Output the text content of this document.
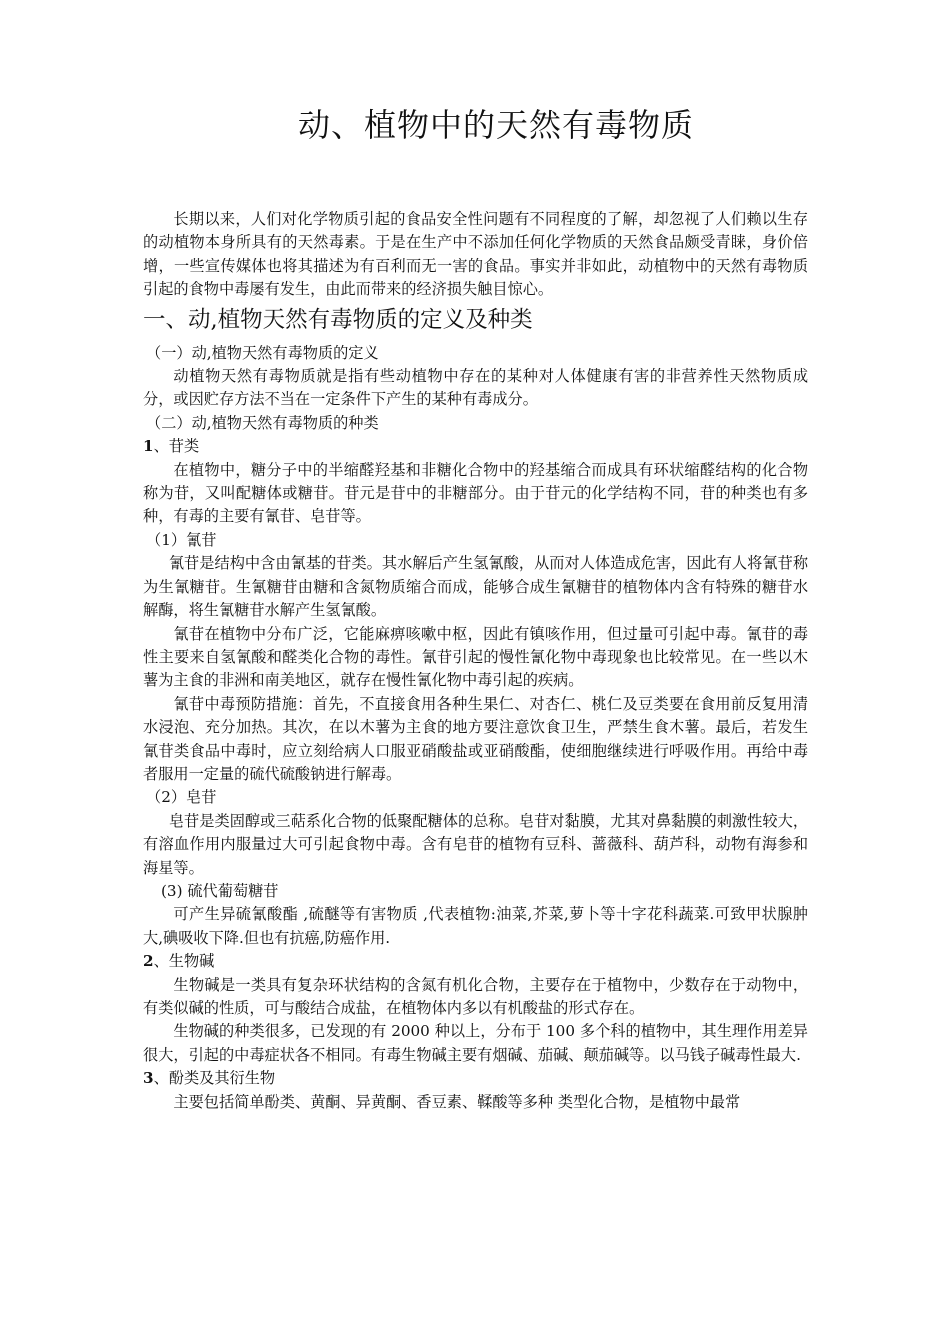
动、植物中的天然有毒物质

长期以来，人们对化学物质引起的食品安全性问题有不同程度的了解，却忽视了人们赖以生存的动植物本身所具有的天然毒素。于是在生产中不添加任何化学物质的天然食品颇受青睐，身价倍增，一些宣传媒体也将其描述为有百利而无一害的食品。事实并非如此，动植物中的天然有毒物质引起的食物中毒屡有发生，由此而带来的经济损失触目惊心。

一、动,植物天然有毒物质的定义及种类

（一）动,植物天然有毒物质的定义

动植物天然有毒物质就是指有些动植物中存在的某种对人体健康有害的非营养性天然物质成分，或因贮存方法不当在一定条件下产生的某种有毒成分。

（二）动,植物天然有毒物质的种类

1、苷类

在植物中，糖分子中的半缩醛羟基和非糖化合物中的羟基缩合而成具有环状缩醛结构的化合物称为苷，又叫配糖体或糖苷。苷元是苷中的非糖部分。由于苷元的化学结构不同，苷的种类也有多种，有毒的主要有氰苷、皂苷等。

（1）氰苷

氰苷是结构中含由氰基的苷类。其水解后产生氢氰酸，从而对人体造成危害，因此有人将氰苷称为生氰糖苷。生氰糖苷由糖和含氮物质缩合而成，能够合成生氰糖苷的植物体内含有特殊的糖苷水解酶，将生氰糖苷水解产生氢氰酸。

氰苷在植物中分布广泛，它能麻痹咳嗽中枢，因此有镇咳作用，但过量可引起中毒。氰苷的毒性主要来自氢氰酸和醛类化合物的毒性。氰苷引起的慢性氰化物中毒现象也比较常见。在一些以木薯为主食的非洲和南美地区，就存在慢性氰化物中毒引起的疾病。

氰苷中毒预防措施：首先，不直接食用各种生果仁、对杏仁、桃仁及豆类要在食用前反复用清水浸泡、充分加热。其次，在以木薯为主食的地方要注意饮食卫生，严禁生食木薯。最后，若发生氰苷类食品中毒时，应立刻给病人口服亚硝酸盐或亚硝酸酯，使细胞继续进行呼吸作用。再给中毒者服用一定量的硫代硫酸钠进行解毒。

（2）皂苷

皂苷是类固醇或三萜系化合物的低聚配糖体的总称。皂苷对黏膜，尤其对鼻黏膜的刺激性较大，有溶血作用内服量过大可引起食物中毒。含有皂苷的植物有豆科、蔷薇科、葫芦科，动物有海参和海星等。

(3) 硫代葡萄糖苷

可产生异硫氰酸酯 ,硫醚等有害物质 ,代表植物:油菜,芥菜,萝卜等十字花科蔬菜.可致甲状腺肿大,碘吸收下降.但也有抗癌,防癌作用.

2、生物碱

生物碱是一类具有复杂环状结构的含氮有机化合物，主要存在于植物中，少数存在于动物中，有类似碱的性质，可与酸结合成盐，在植物体内多以有机酸盐的形式存在。

生物碱的种类很多，已发现的有 2000 种以上，分布于 100 多个科的植物中，其生理作用差异很大，引起的中毒症状各不相同。有毒生物碱主要有烟碱、茄碱、颠茄碱等。以马钱子碱毒性最大.

3、酚类及其衍生物

主要包括简单酚类、黄酮、异黄酮、香豆素、鞣酸等多种 类型化合物，是植物中最常
